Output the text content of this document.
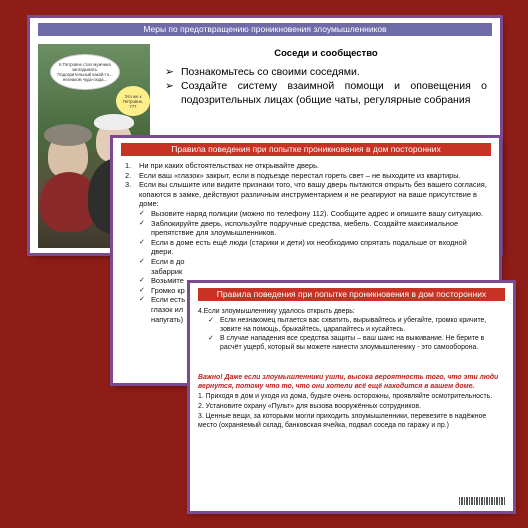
Меры по предотвращению проникновения злоумышленников
К Петровне стал мужчина заглядывать. Подозрительный какой-то... незнаком чуда-сюда...
Это же к Петровне, 777
Соседи и сообщество
➢ Познакомьтесь со своими соседями.
➢ Создайте систему взаимной помощи и оповещения о подозрительных лицах (общие чаты, регулярные собрания
Правила поведения при попытке проникновения в дом посторонних
1.	Ни при каких обстоятельствах не открывайте дверь.
2.	Если ваш «глазок» закрыт, если в подъезде перестал гореть свет – не выходите из квартиры.
3.	Если вы слышите или видите признаки того, что вашу дверь пытаются открыть без вашего согласия, копаются в замке, действуют различным инструментарием и не реагируют на ваше присутствие в доме:
✓ Вызовите наряд полиции (можно по телефону 112). Сообщите адрес и опишите вашу ситуацию.
✓ Заблокируйте дверь, используйте подручные средства, мебель. Создайте максимальное препятствие для злоумышленников.
✓ Если в доме есть ещё люди (старики и дети) их необходимо спрятать подальше от входной двери.
✓ Если в до
забаррик
✓ Возьмите
✓ Громко кр
✓ Если есть
глазок ил
напугать)
Правила поведения при попытке проникновения в дом посторонних
4.Если злоумышленнику удалось открыть дверь:
✓ Если незнакомец пытается вас схватить, вырывайтесь и убегайте, громко кричите, зовите на помощь, брыкайтесь, царапайтесь и кусайтесь.
✓ В случае нападения все средства защиты – ваш шанс на выживание. Не берите в расчёт ущерб, который вы можете нанести злоумышленнику - это самооборона.
Важно! Даже если злоумышленники ушли, высока вероятность того, что эти люди вернутся, потому что то, что они хотели всё ещё находится в вашем доме.
1. Приходя в дом и уходя из дома, будьте очень осторожны, проявляйте осмотрительность.
2. Установите охрану «Пульт» для вызова вооружённых сотрудников.
3. Ценные вещи, за которыми могли приходить злоумышленники, перевезите в надёжное место (охраняемый склад, банковская ячейка, подвал соседа по гаражу и пр.)
